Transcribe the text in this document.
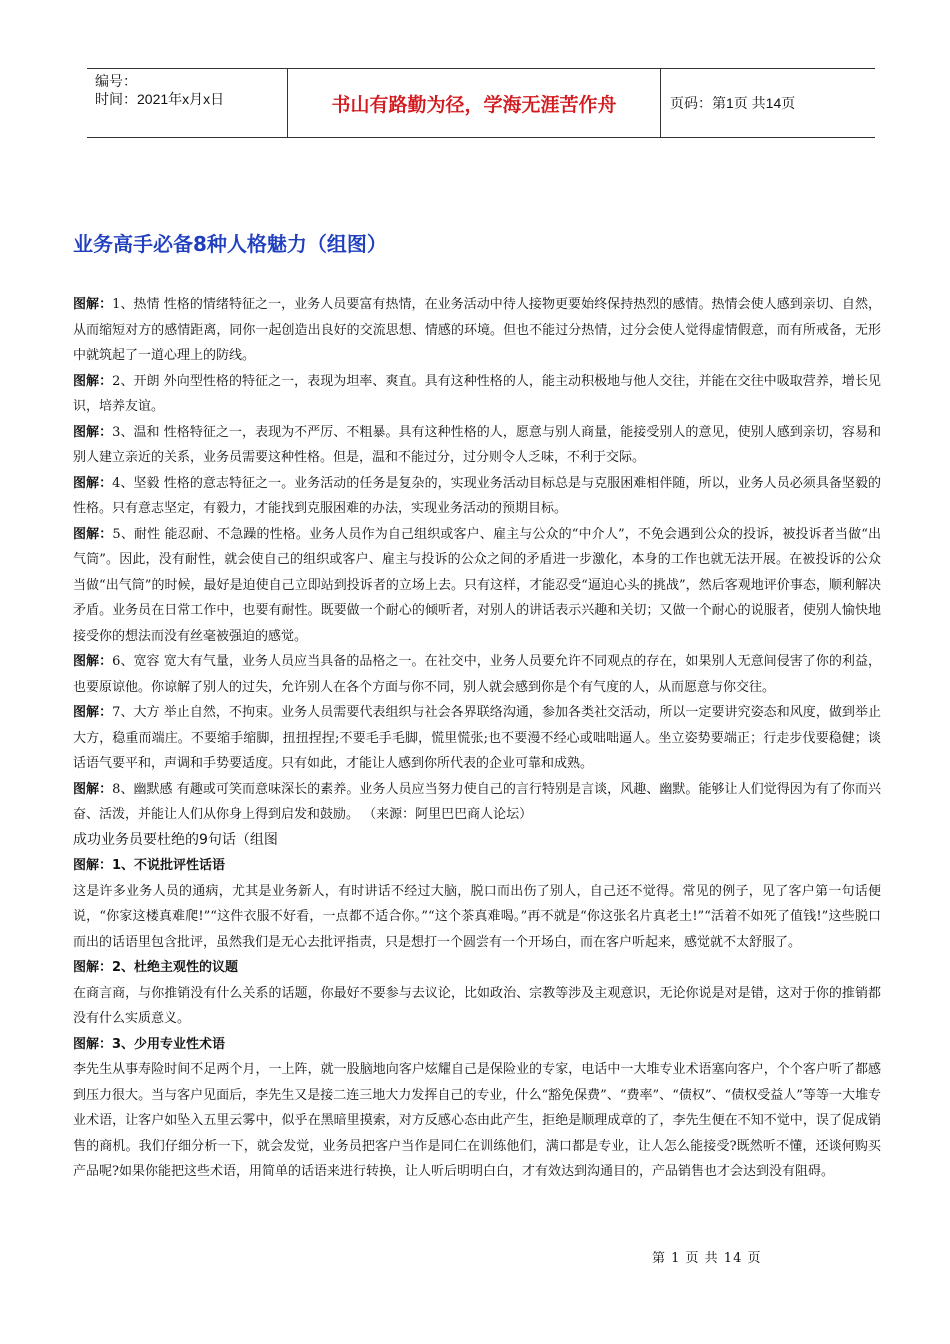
编号：
时间：2021年x月x日	书山有路勤为径，学海无涯苦作舟	页码：第1页 共14页
业务高手必备8种人格魅力（组图）

图解：1、热情 性格的情绪特征之一，业务人员要富有热情，在业务活动中待人接物更要始终保持热烈的感情。热情会使人感到亲切、自然，从而缩短对方的感情距离，同你一起创造出良好的交流思想、情感的环境。但也不能过分热情，过分会使人觉得虚情假意，而有所戒备，无形中就筑起了一道心理上的防线。

图解：2、开朗 外向型性格的特征之一，表现为坦率、爽直。具有这种性格的人，能主动积极地与他人交往，并能在交往中吸取营养，增长见识，培养友谊。

图解：3、温和 性格特征之一，表现为不严厉、不粗暴。具有这种性格的人，愿意与别人商量，能接受别人的意见，使别人感到亲切，容易和别人建立亲近的关系，业务员需要这种性格。但是，温和不能过分，过分则令人乏味，不利于交际。

图解：4、坚毅 性格的意志特征之一。业务活动的任务是复杂的，实现业务活动目标总是与克服困难相伴随，所以，业务人员必须具备坚毅的性格。只有意志坚定，有毅力，才能找到克服困难的办法，实现业务活动的预期目标。

图解：5、耐性 能忍耐、不急躁的性格。业务人员作为自己组织或客户、雇主与公众的“中介人”，不免会遇到公众的投诉，被投诉者当做“出气筒”。因此，没有耐性，就会使自己的组织或客户、雇主与投诉的公众之间的矛盾进一步激化，本身的工作也就无法开展。在被投诉的公众当做“出气筒”的时候，最好是迫使自己立即站到投诉者的立场上去。只有这样，才能忍受“逼迫心头的挑战”，然后客观地评价事态，顺利解决矛盾。业务员在日常工作中，也要有耐性。既要做一个耐心的倾听者，对别人的讲话表示兴趣和关切；又做一个耐心的说服者，使别人愉快地接受你的想法而没有丝毫被强迫的感觉。

图解：6、宽容 宽大有气量，业务人员应当具备的品格之一。在社交中，业务人员要允许不同观点的存在，如果别人无意间侵害了你的利益，也要原谅他。你谅解了别人的过失，允许别人在各个方面与你不同，别人就会感到你是个有气度的人，从而愿意与你交往。

图解：7、大方 举止自然，不拘束。业务人员需要代表组织与社会各界联络沟通，参加各类社交活动，所以一定要讲究姿态和风度，做到举止大方，稳重而端庄。不要缩手缩脚，扭扭捏捏;不要毛手毛脚，慌里慌张;也不要漫不经心或咄咄逼人。坐立姿势要端正；行走步伐要稳健；谈话语气要平和，声调和手势要适度。只有如此，才能让人感到你所代表的企业可靠和成熟。

图解：8、幽默感 有趣或可笑而意味深长的素养。业务人员应当努力使自己的言行特别是言谈，风趣、幽默。能够让人们觉得因为有了你而兴奋、活泼，并能让人们从你身上得到启发和鼓励。 （来源：阿里巴巴商人论坛）

成功业务员要杜绝的9句话（组图

图解：1、不说批评性话语

这是许多业务人员的通病，尤其是业务新人，有时讲话不经过大脑，脱口而出伤了别人，自己还不觉得。常见的例子，见了客户第一句话便说，“你家这楼真难爬!”“这件衣服不好看，一点都不适合你。”“这个茶真难喝。”再不就是“你这张名片真老土!”“活着不如死了值钱!”这些脱口而出的话语里包含批评，虽然我们是无心去批评指责，只是想打一个圆尝有一个开场白，而在客户听起来，感觉就不太舒服了。

图解：2、杜绝主观性的议题

在商言商，与你推销没有什么关系的话题，你最好不要参与去议论，比如政治、宗教等涉及主观意识，无论你说是对是错，这对于你的推销都没有什么实质意义。

图解：3、少用专业性术语

李先生从事寿险时间不足两个月，一上阵，就一股脑地向客户炫耀自己是保险业的专家，电话中一大堆专业术语塞向客户，个个客户听了都感到压力很大。当与客户见面后，李先生又是接二连三地大力发挥自己的专业，什么“豁免保费”、“费率”、“债权”、“债权受益人”等等一大堆专业术语，让客户如坠入五里云雾中，似乎在黑暗里摸索，对方反感心态由此产生，拒绝是顺理成章的了，李先生便在不知不觉中，误了促成销售的商机。我们仔细分析一下，就会发觉，业务员把客户当作是同仁在训练他们，满口都是专业，让人怎么能接受?既然听不懂，还谈何购买产品呢?如果你能把这些术语，用简单的话语来进行转换，让人听后明明白白，才有效达到沟通目的，产品销售也才会达到没有阻碍。

第 1 页 共 14 页
